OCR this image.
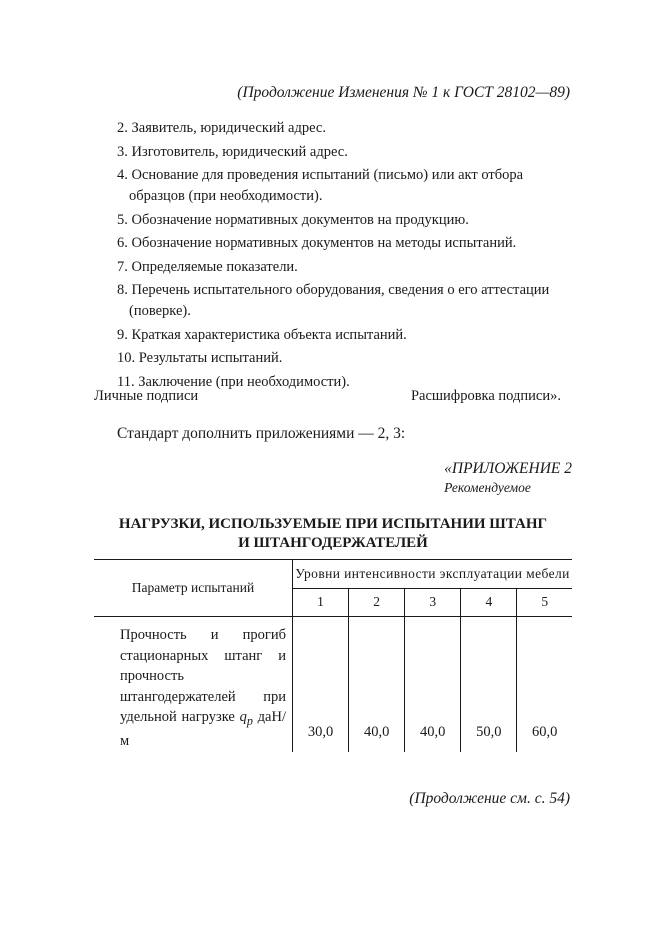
(Продолжение Изменения № 1 к ГОСТ 28102—89)
2. Заявитель, юридический адрес.
3. Изготовитель, юридический адрес.
4. Основание для проведения испытаний (письмо) или акт отбора образцов (при необходимости).
5. Обозначение нормативных документов на продукцию.
6. Обозначение нормативных документов на методы испытаний.
7. Определяемые показатели.
8. Перечень испытательного оборудования, сведения о его аттестации (поверке).
9. Краткая характеристика объекта испытаний.
10. Результаты испытаний.
11. Заключение (при необходимости).
Личные подписи	Расшифровка подписи».
Стандарт дополнить приложениями — 2, 3:
«ПРИЛОЖЕНИЕ 2
Рекомендуемое
НАГРУЗКИ, ИСПОЛЬЗУЕМЫЕ ПРИ ИСПЫТАНИИ ШТАНГ
И ШТАНГОДЕРЖАТЕЛЕЙ
Параметр испытаний	Уровни интенсивности эксплуатации мебели				
	1	2	3	4	5
Прочность и прогиб стационарных штанг и прочность штангодержателей при удельной нагрузке $q_р$ даН/м	30,0	40,0	40,0	50,0	60,0
(Продолжение см. с. 54)
